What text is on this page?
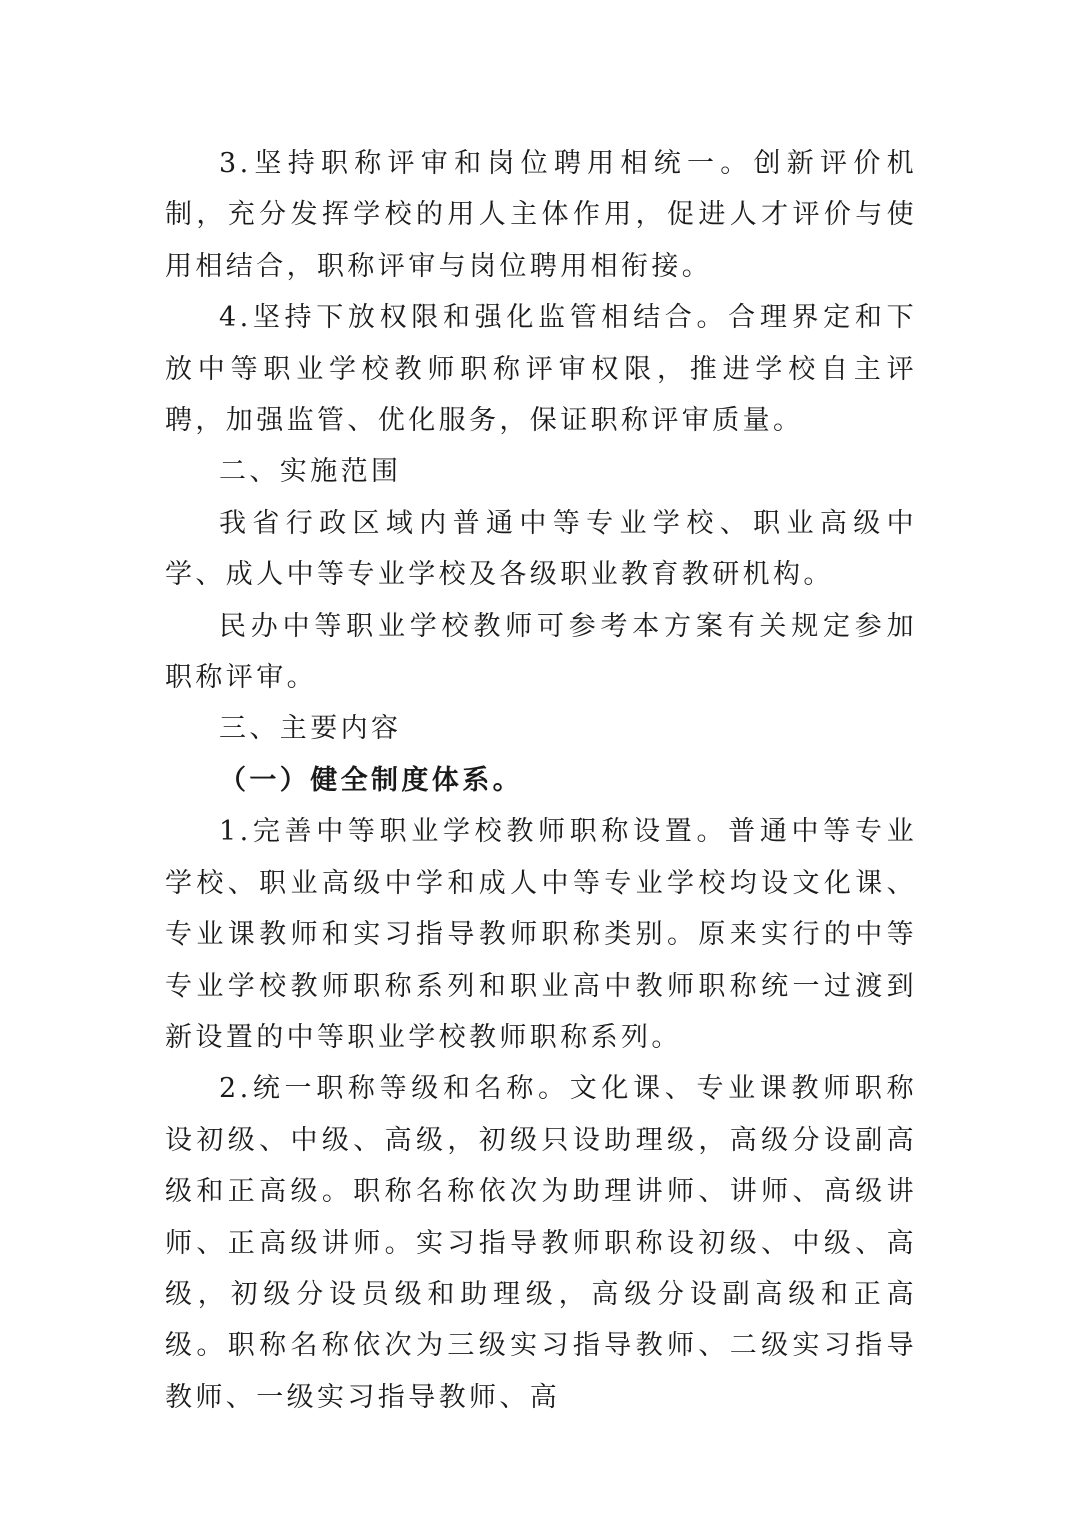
3.坚持职称评审和岗位聘用相统一。创新评价机制，充分发挥学校的用人主体作用，促进人才评价与使用相结合，职称评审与岗位聘用相衔接。

4.坚持下放权限和强化监管相结合。合理界定和下放中等职业学校教师职称评审权限，推进学校自主评聘，加强监管、优化服务，保证职称评审质量。

二、实施范围

我省行政区域内普通中等专业学校、职业高级中学、成人中等专业学校及各级职业教育教研机构。

民办中等职业学校教师可参考本方案有关规定参加职称评审。

三、主要内容

（一）健全制度体系。

1.完善中等职业学校教师职称设置。普通中等专业学校、职业高级中学和成人中等专业学校均设文化课、专业课教师和实习指导教师职称类别。原来实行的中等专业学校教师职称系列和职业高中教师职称统一过渡到新设置的中等职业学校教师职称系列。

2.统一职称等级和名称。文化课、专业课教师职称设初级、中级、高级，初级只设助理级，高级分设副高级和正高级。职称名称依次为助理讲师、讲师、高级讲师、正高级讲师。实习指导教师职称设初级、中级、高级，初级分设员级和助理级，高级分设副高级和正高级。职称名称依次为三级实习指导教师、二级实习指导教师、一级实习指导教师、高
